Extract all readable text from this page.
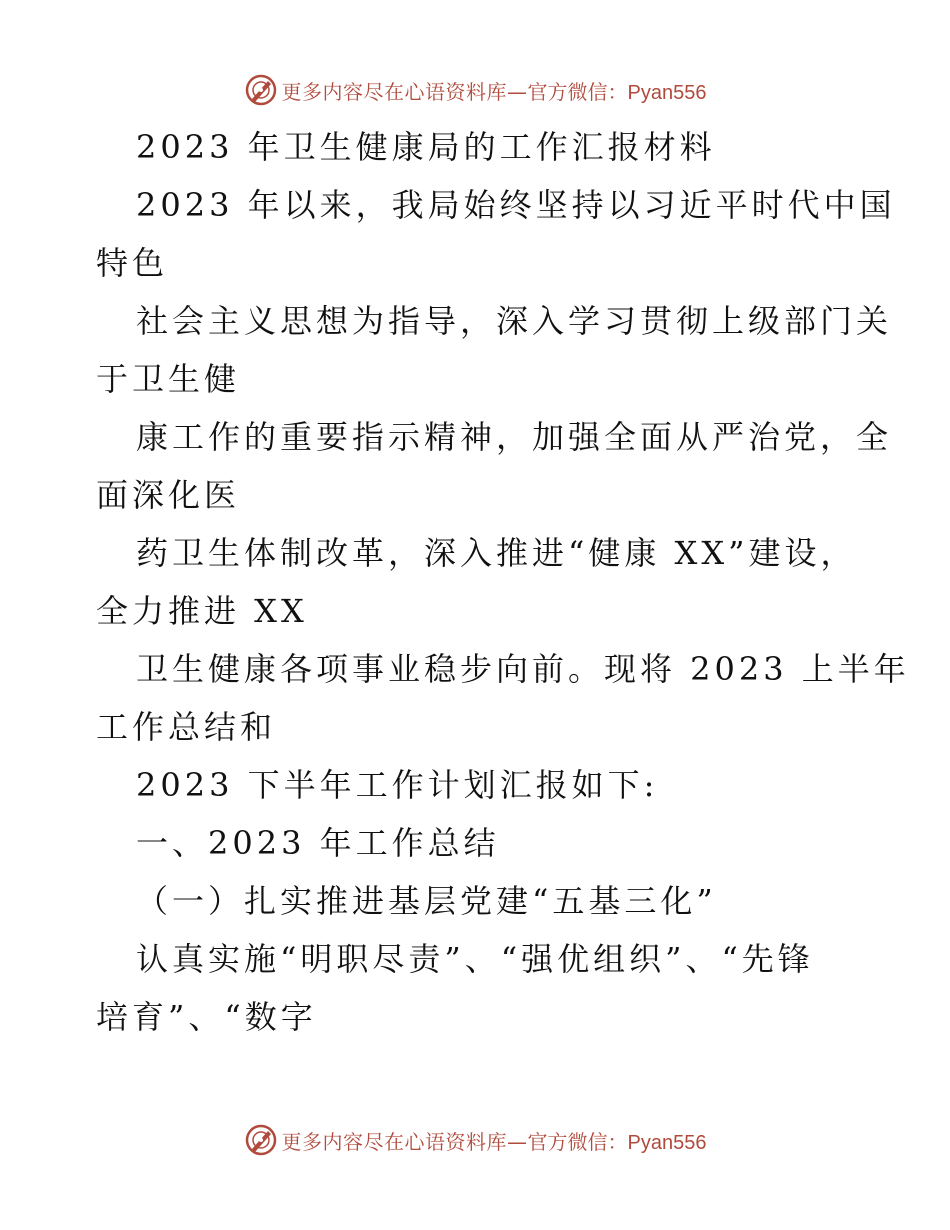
更多内容尽在心语资料库— 官方微信：Pyan556
2023 年卫生健康局的工作汇报材料
2023 年以来，我局始终坚持以习近平时代中国
特色
社会主义思想为指导，深入学习贯彻上级部门关
于卫生健
康工作的重要指示精神，加强全面从严治党，全
面深化医
药卫生体制改革，深入推进“健康 XX”建设，
全力推进 XX
卫生健康各项事业稳步向前。现将 2023 上半年
工作总结和
2023 下半年工作计划汇报如下:
一、2023 年工作总结
（一）扎实推进基层党建“五基三化”
认真实施“明职尽责”、“强优组织”、“先锋
培育”、“数字
更多内容尽在心语资料库— 官方微信：Pyan556
